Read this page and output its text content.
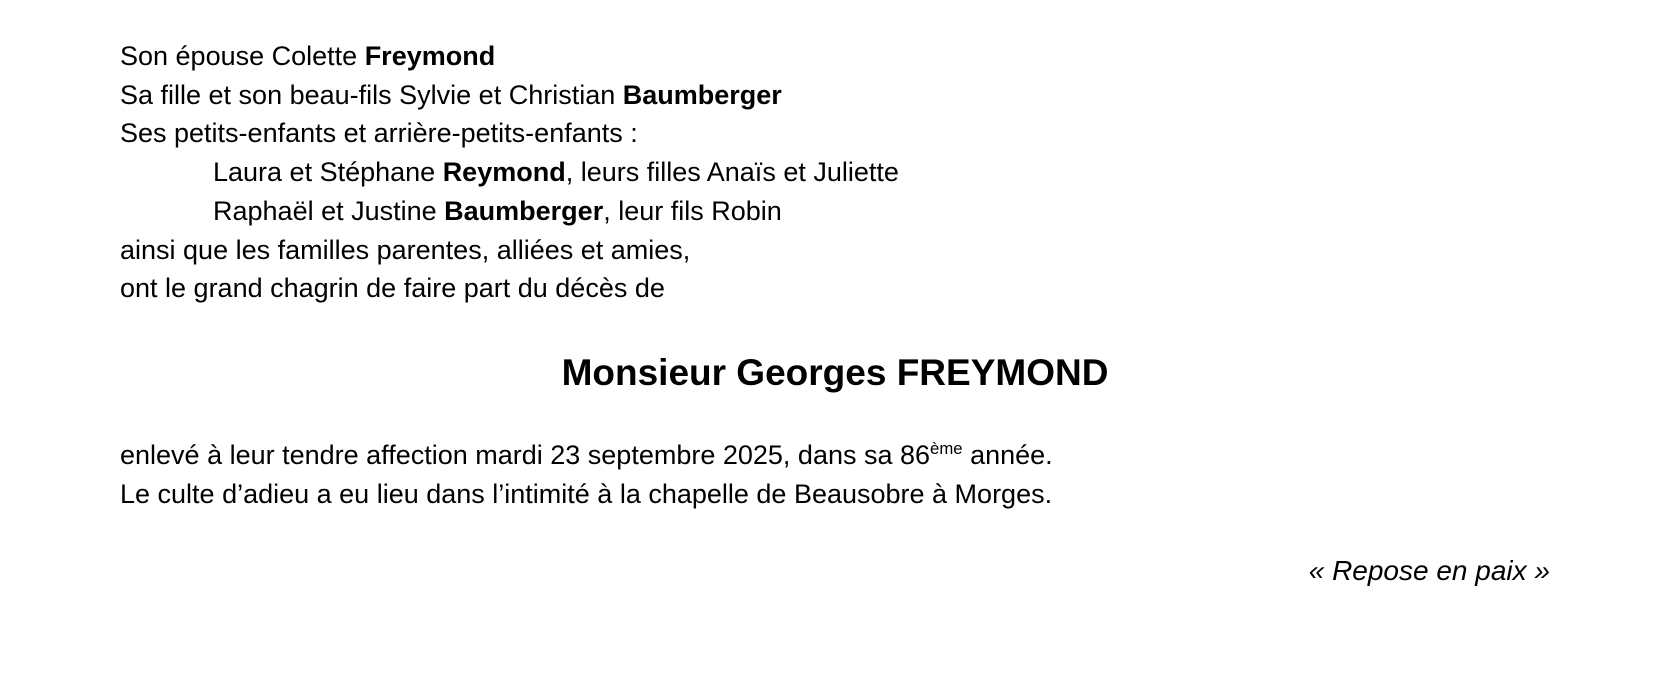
Son épouse Colette Freymond
Sa fille et son beau-fils Sylvie et Christian Baumberger
Ses petits-enfants et arrière-petits-enfants :
Laura et Stéphane Reymond, leurs filles Anaïs et Juliette
Raphaël et Justine Baumberger, leur fils Robin
ainsi que les familles parentes, alliées et amies,
ont le grand chagrin de faire part du décès de
Monsieur Georges FREYMOND
enlevé à leur tendre affection mardi 23 septembre 2025, dans sa 86ème année.
Le culte d’adieu a eu lieu dans l’intimité à la chapelle de Beausobre à Morges.
« Repose en paix »
